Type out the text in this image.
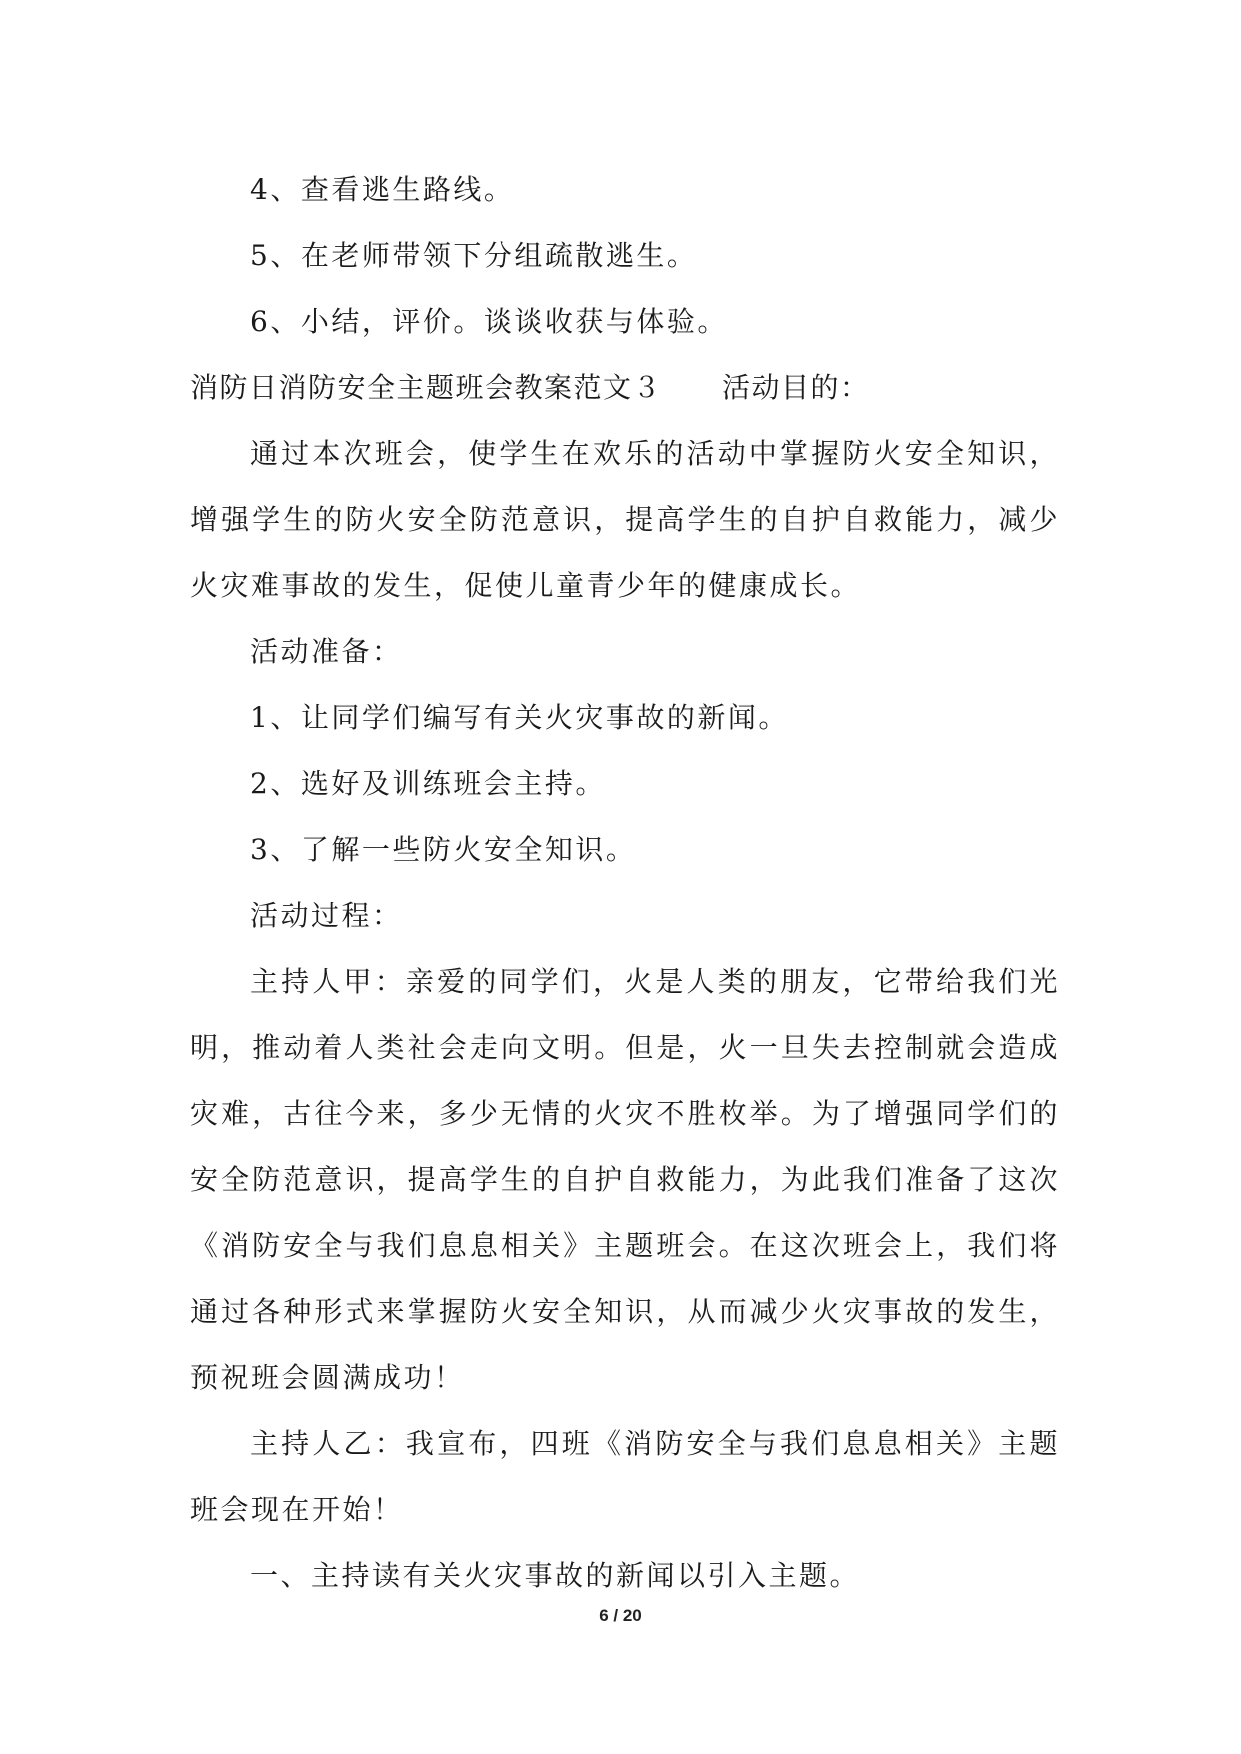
4、查看逃生路线。

5、在老师带领下分组疏散逃生。

6、小结，评价。谈谈收获与体验。

消防日消防安全主题班会教案范文３ 活动目的：

通过本次班会，使学生在欢乐的活动中掌握防火安全知识，增强学生的防火安全防范意识，提高学生的自护自救能力，减少火灾难事故的发生，促使儿童青少年的健康成长。

活动准备：

1、让同学们编写有关火灾事故的新闻。

2、选好及训练班会主持。

3、了解一些防火安全知识。

活动过程：

主持人甲：亲爱的同学们，火是人类的朋友，它带给我们光明，推动着人类社会走向文明。但是，火一旦失去控制就会造成灾难，古往今来，多少无情的火灾不胜枚举。为了增强同学们的安全防范意识，提高学生的自护自救能力，为此我们准备了这次《消防安全与我们息息相关》主题班会。在这次班会上，我们将通过各种形式来掌握防火安全知识，从而减少火灾事故的发生，预祝班会圆满成功！

主持人乙：我宣布，四班《消防安全与我们息息相关》主题班会现在开始！

一、主持读有关火灾事故的新闻以引入主题。

6 / 20
